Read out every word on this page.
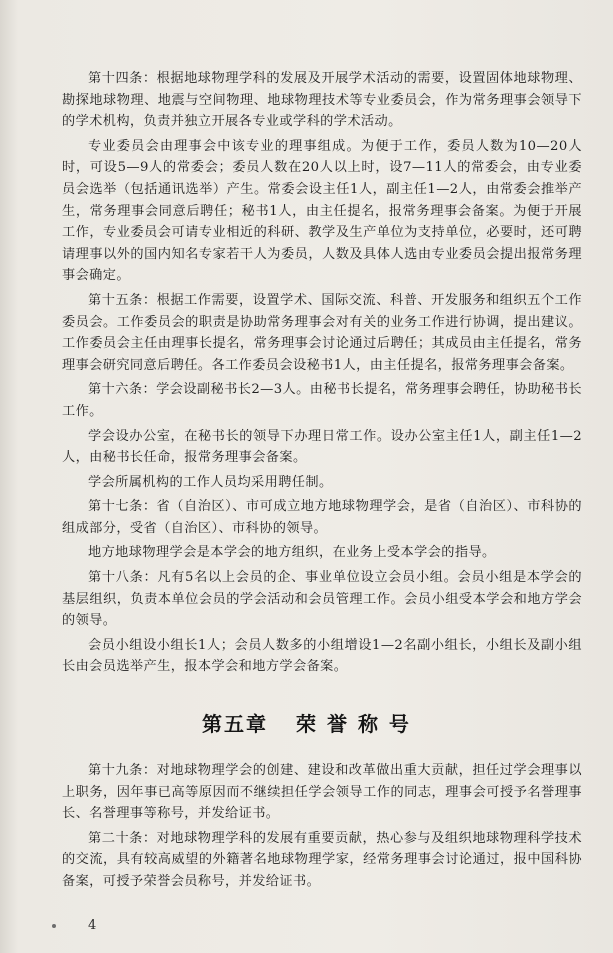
第十四条：根据地球物理学科的发展及开展学术活动的需要，设置固体地球物理、勘探地球物理、地震与空间物理、地球物理技术等专业委员会，作为常务理事会领导下的学术机构，负责并独立开展各专业或学科的学术活动。

专业委员会由理事会中该专业的理事组成。为便于工作，委员人数为10—20人时，可设5—9人的常委会；委员人数在20人以上时，设7—11人的常委会，由专业委员会选举（包括通讯选举）产生。常委会设主任1人，副主任1—2人，由常委会推举产生，常务理事会同意后聘任；秘书1人，由主任提名，报常务理事会备案。为便于开展工作，专业委员会可请专业相近的科研、教学及生产单位为支持单位，必要时，还可聘请理事以外的国内知名专家若干人为委员，人数及具体人选由专业委员会提出报常务理事会确定。

第十五条：根据工作需要，设置学术、国际交流、科普、开发服务和组织五个工作委员会。工作委员会的职责是协助常务理事会对有关的业务工作进行协调，提出建议。工作委员会主任由理事长提名，常务理事会讨论通过后聘任；其成员由主任提名，常务理事会研究同意后聘任。各工作委员会设秘书1人，由主任提名，报常务理事会备案。

第十六条：学会设副秘书长2—3人。由秘书长提名，常务理事会聘任，协助秘书长工作。

学会设办公室，在秘书长的领导下办理日常工作。设办公室主任1人，副主任1—2人，由秘书长任命，报常务理事会备案。

学会所属机构的工作人员均采用聘任制。

第十七条：省（自治区）、市可成立地方地球物理学会，是省（自治区）、市科协的组成部分，受省（自治区）、市科协的领导。

地方地球物理学会是本学会的地方组织，在业务上受本学会的指导。

第十八条：凡有5名以上会员的企、事业单位设立会员小组。会员小组是本学会的基层组织，负责本单位会员的学会活动和会员管理工作。会员小组受本学会和地方学会的领导。

会员小组设小组长1人；会员人数多的小组增设1—2名副小组长，小组长及副小组长由会员选举产生，报本学会和地方学会备案。

第五章 荣 誉 称 号

第十九条：对地球物理学会的创建、建设和改革做出重大贡献，担任过学会理事以上职务，因年事已高等原因而不继续担任学会领导工作的同志，理事会可授予名誉理事长、名誉理事等称号，并发给证书。

第二十条：对地球物理学科的发展有重要贡献，热心参与及组织地球物理科学技术的交流，具有较高威望的外籍著名地球物理学家，经常务理事会讨论通过，报中国科协备案，可授予荣誉会员称号，并发给证书。

4
